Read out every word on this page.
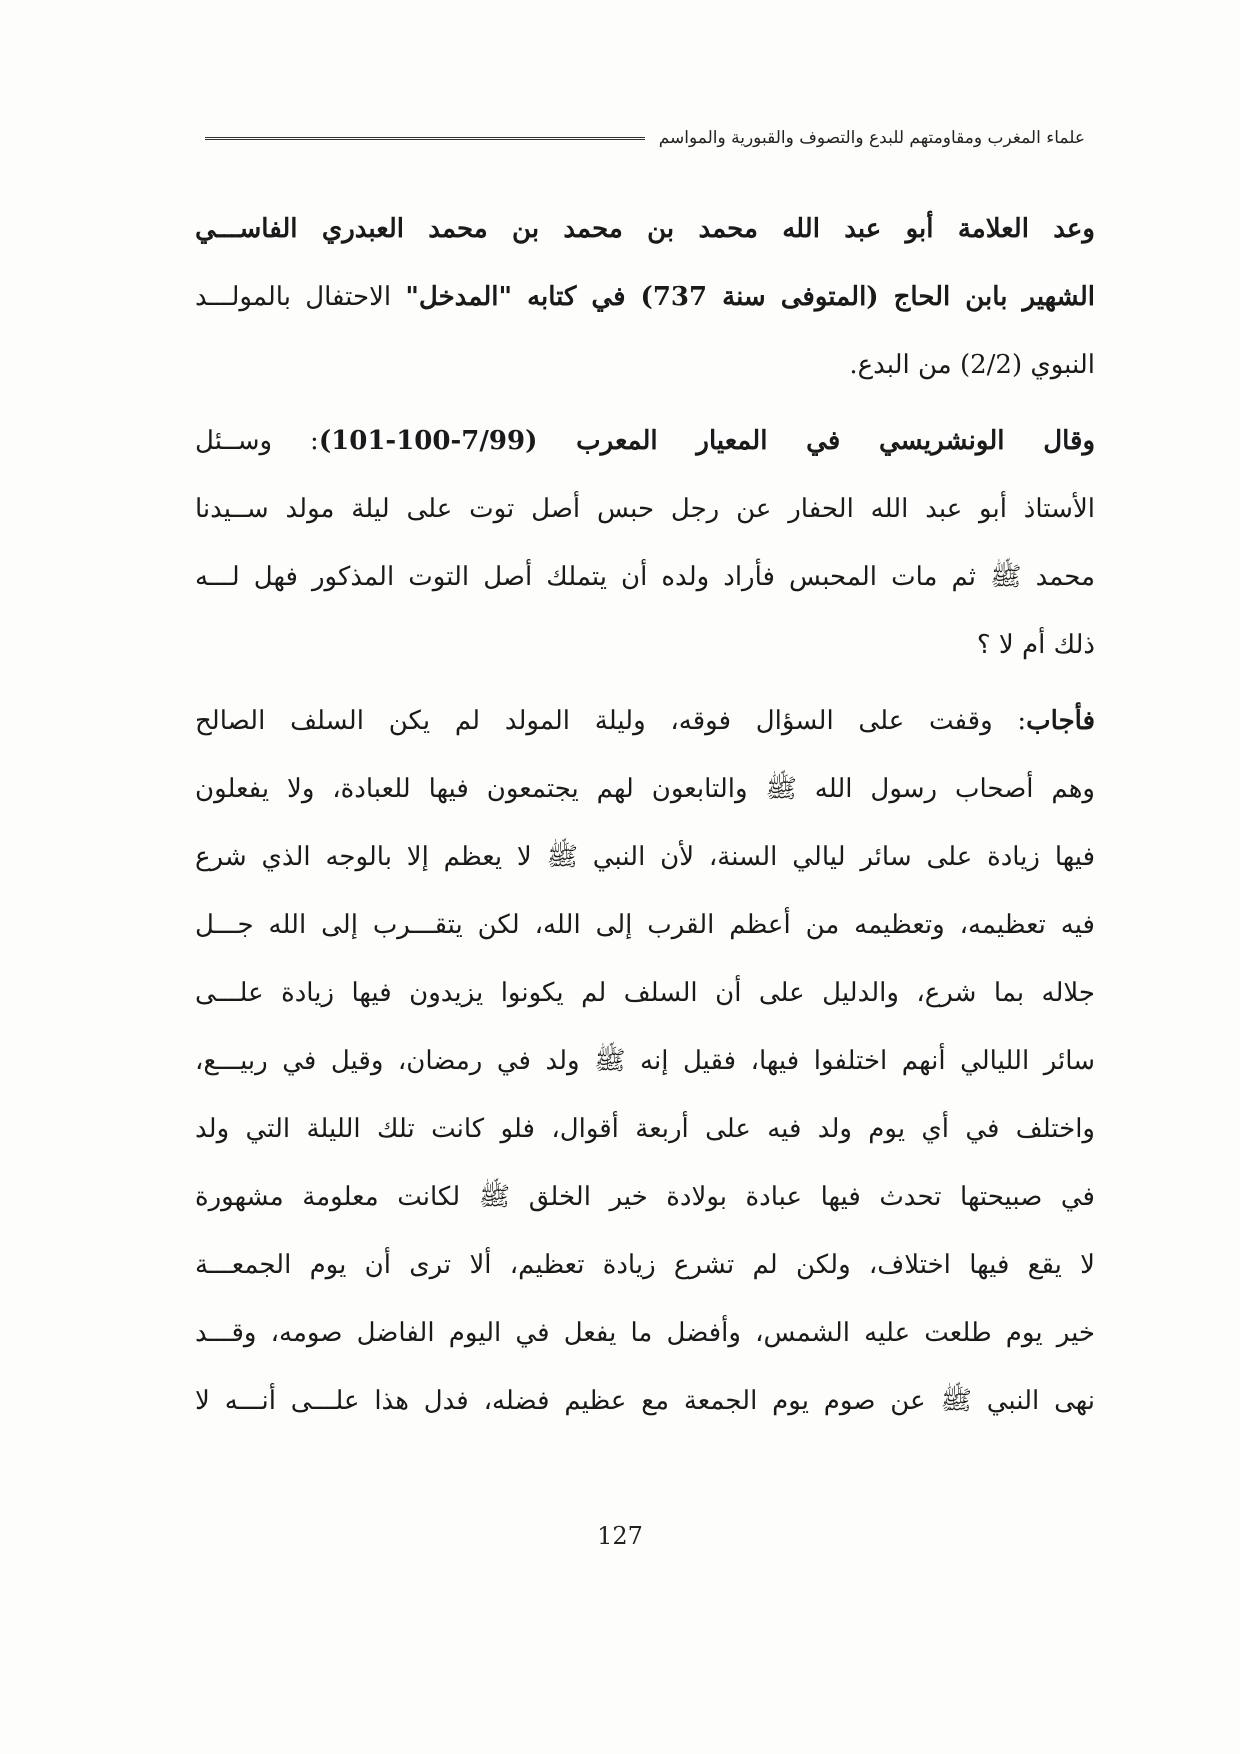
علماء المغرب ومقاومتهم للبدع والتصوف والقبورية والمواسم
وعد العلامة أبو عبد الله محمد بن محمد بن محمد العبدري الفاســـي
الشهير بابن الحاج (المتوفى سنة 737) في كتابه "المدخل" الاحتفال بالمولـــد
النبوي (2/2) من البدع.
وقال الونشريسي في المعيار المعرب (7/99-100-101): وســئل
الأستاذ أبو عبد الله الحفار عن رجل حبس أصل توت على ليلة مولد ســيدنا
محمد ﷺ ثم مات المحبس فأراد ولده أن يتملك أصل التوت المذكور فهل لـــه
ذلك أم لا ؟
فأجاب: وقفت على السؤال فوقه، وليلة المولد لم يكن السلف الصالح
وهم أصحاب رسول الله ﷺ والتابعون لهم يجتمعون فيها للعبادة، ولا يفعلون
فيها زيادة على سائر ليالي السنة، لأن النبي ﷺ لا يعظم إلا بالوجه الذي شرع
فيه تعظيمه، وتعظيمه من أعظم القرب إلى الله، لكن يتقـــرب إلى الله جـــل
جلاله بما شرع، والدليل على أن السلف لم يكونوا يزيدون فيها زيادة علـــى
سائر الليالي أنهم اختلفوا فيها، فقيل إنه ﷺ ولد في رمضان، وقيل في ربيـــع،
واختلف في أي يوم ولد فيه على أربعة أقوال، فلو كانت تلك الليلة التي ولد
في صبيحتها تحدث فيها عبادة بولادة خير الخلق ﷺ لكانت معلومة مشهورة
لا يقع فيها اختلاف، ولكن لم تشرع زيادة تعظيم، ألا ترى أن يوم الجمعـــة
خير يوم طلعت عليه الشمس، وأفضل ما يفعل في اليوم الفاضل صومه، وقـــد
نهى النبي ﷺ عن صوم يوم الجمعة مع عظيم فضله، فدل هذا علـــى أنـــه لا
127
